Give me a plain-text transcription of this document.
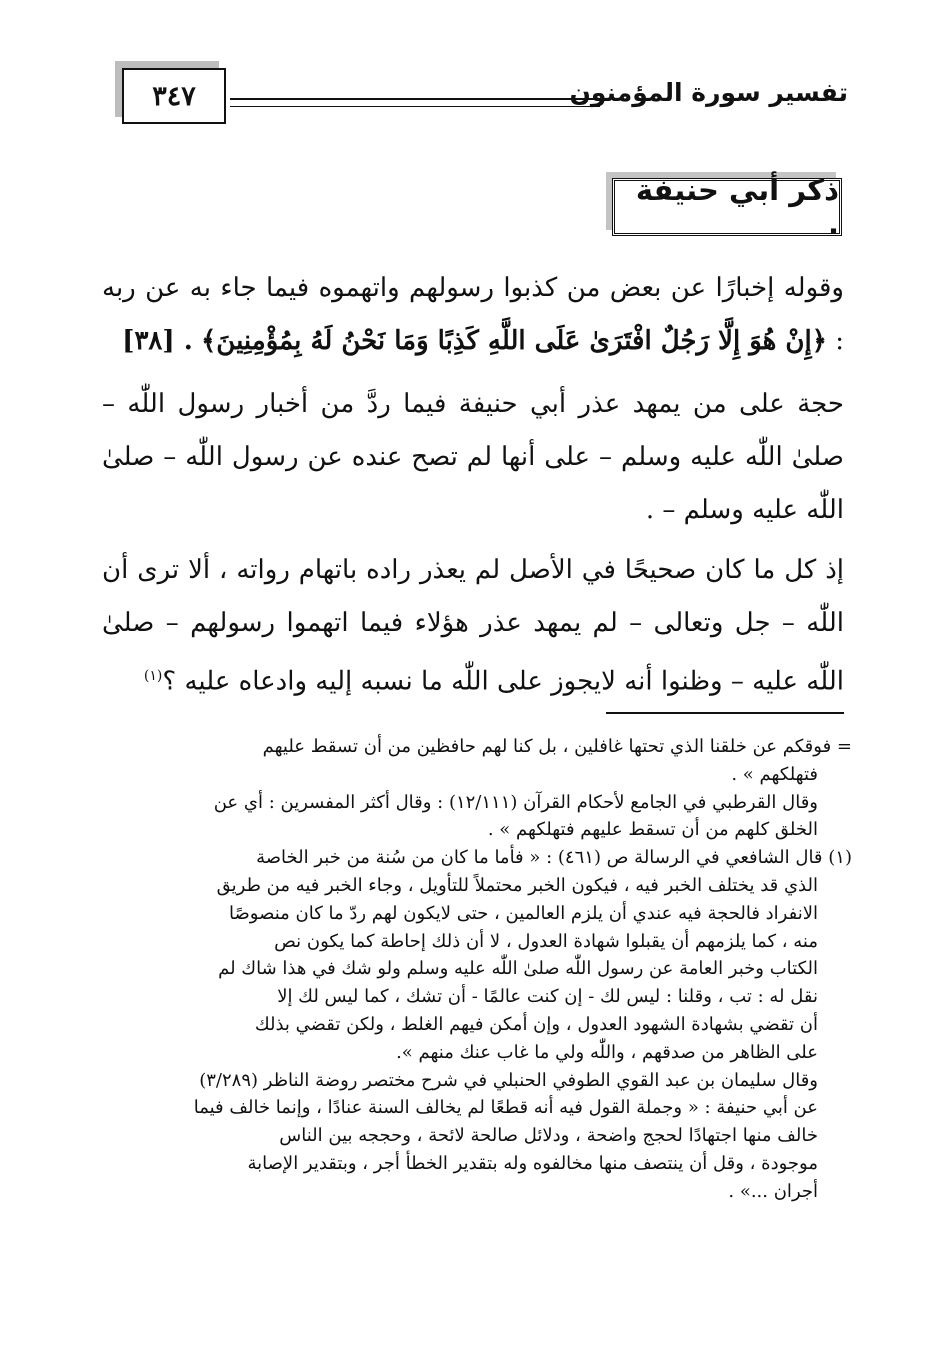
٣٤٧	تفسير سورة المؤمنون
ذكر أبي حنيفة .

وقوله إخبارًا عن بعض من كذبوا رسولهم واتهموه فيما جاء به عن ربه : ﴿إِنْ هُوَ إِلَّا رَجُلٌ افْتَرَىٰ عَلَى اللَّهِ كَذِبًا وَمَا نَحْنُ لَهُ بِمُؤْمِنِينَ﴾ . [٣٨]

حجة على من يمهد عذر أبي حنيفة فيما ردَّ من أخبار رسول اللّٰه – صلىٰ اللّٰه عليه وسلم – على أنها لم تصح عنده عن رسول اللّٰه – صلىٰ اللّٰه عليه وسلم – .

إذ كل ما كان صحيحًا في الأصل لم يعذر راده باتهام رواته ، ألا ترى أن اللّٰه – جل وتعالى – لم يمهد عذر هؤلاء فيما اتهموا رسولهم – صلىٰ اللّٰه عليه – وظنوا أنه لايجوز على اللّٰه ما نسبه إليه وادعاه عليه ؟$^{(١)}$

= فوقكم عن خلقنا الذي تحتها غافلين ، بل كنا لهم حافظين من أن تسقط عليهم
فتهلكهم » .
وقال القرطبي في الجامع لأحكام القرآن (١٢/١١١) : وقال أكثر المفسرين : أي عن
الخلق كلهم من أن تسقط عليهم فتهلكهم » .
(١) قال الشافعي في الرسالة ص (٤٦١) : « فأما ما كان من سُنة من خبر الخاصة
الذي قد يختلف الخبر فيه ، فيكون الخبر محتملاً للتأويل ، وجاء الخبر فيه من طريق
الانفراد فالحجة فيه عندي أن يلزم العالمين ، حتى لايكون لهم ردّ ما كان منصوصًا
منه ، كما يلزمهم أن يقبلوا شهادة العدول ، لا أن ذلك إحاطة كما يكون نص
الكتاب وخبر العامة عن رسول اللّٰه صلىٰ اللّٰه عليه وسلم ولو شك في هذا شاك لم
نقل له : تب ، وقلنا : ليس لك - إن كنت عالمًا - أن تشك ، كما ليس لك إلا
أن تقضي بشهادة الشهود العدول ، وإن أمكن فيهم الغلط ، ولكن تقضي بذلك
على الظاهر من صدقهم ، واللّٰه ولي ما غاب عنك منهم ».
وقال سليمان بن عبد القوي الطوفي الحنبلي في شرح مختصر روضة الناظر (٣/٢٨٩)
عن أبي حنيفة : « وجملة القول فيه أنه قطعًا لم يخالف السنة عنادًا ، وإنما خالف فيما
خالف منها اجتهادًا لحجج واضحة ، ودلائل صالحة لائحة ، وحججه بين الناس
موجودة ، وقل أن ينتصف منها مخالفوه وله بتقدير الخطأ أجر ، وبتقدير الإصابة
أجران ...» .
